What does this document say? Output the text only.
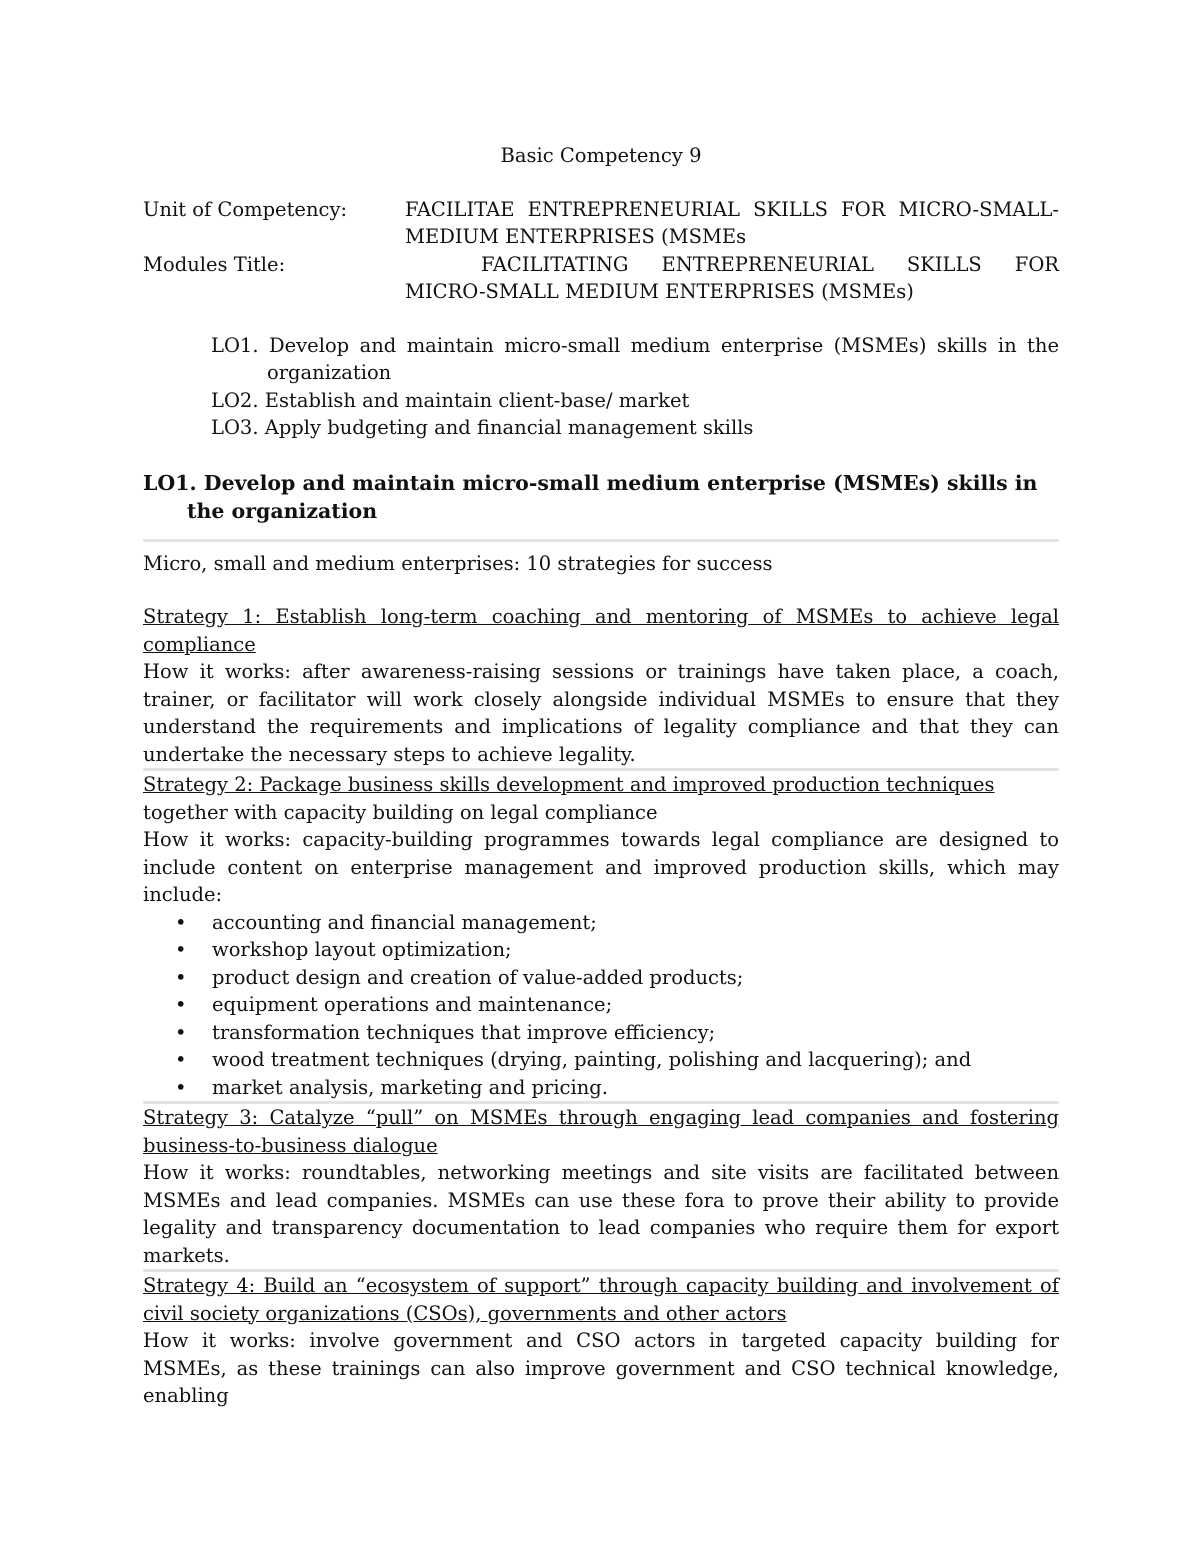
Basic Competency 9
Unit of Competency:	FACILITAE ENTREPRENEURIAL SKILLS FOR MICRO-SMALL-MEDIUM ENTERPRISES (MSMEs
Modules Title:	FACILITATING ENTREPRENEURIAL SKILLS FOR MICRO-SMALL MEDIUM ENTERPRISES (MSMEs)
LO1. Develop and maintain micro-small medium enterprise (MSMEs) skills in the organization
LO2. Establish and maintain client-base/ market
LO3. Apply budgeting and financial management skills
LO1. Develop and maintain micro-small medium enterprise (MSMEs) skills in the organization
Micro, small and medium enterprises: 10 strategies for success
Strategy 1: Establish long-term coaching and mentoring of MSMEs to achieve legal compliance
How it works: after awareness-raising sessions or trainings have taken place, a coach, trainer, or facilitator will work closely alongside individual MSMEs to ensure that they understand the requirements and implications of legality compliance and that they can undertake the necessary steps to achieve legality.
Strategy 2: Package business skills development and improved production techniques
together with capacity building on legal compliance
How it works: capacity-building programmes towards legal compliance are designed to include content on enterprise management and improved production skills, which may include:
• accounting and financial management;
• workshop layout optimization;
• product design and creation of value-added products;
• equipment operations and maintenance;
• transformation techniques that improve efficiency;
• wood treatment techniques (drying, painting, polishing and lacquering); and
• market analysis, marketing and pricing.
Strategy 3: Catalyze “pull” on MSMEs through engaging lead companies and fostering business-to-business dialogue
How it works: roundtables, networking meetings and site visits are facilitated between MSMEs and lead companies. MSMEs can use these fora to prove their ability to provide legality and transparency documentation to lead companies who require them for export markets.
Strategy 4: Build an “ecosystem of support” through capacity building and involvement of civil society organizations (CSOs), governments and other actors
How it works: involve government and CSO actors in targeted capacity building for MSMEs, as these trainings can also improve government and CSO technical knowledge, enabling
